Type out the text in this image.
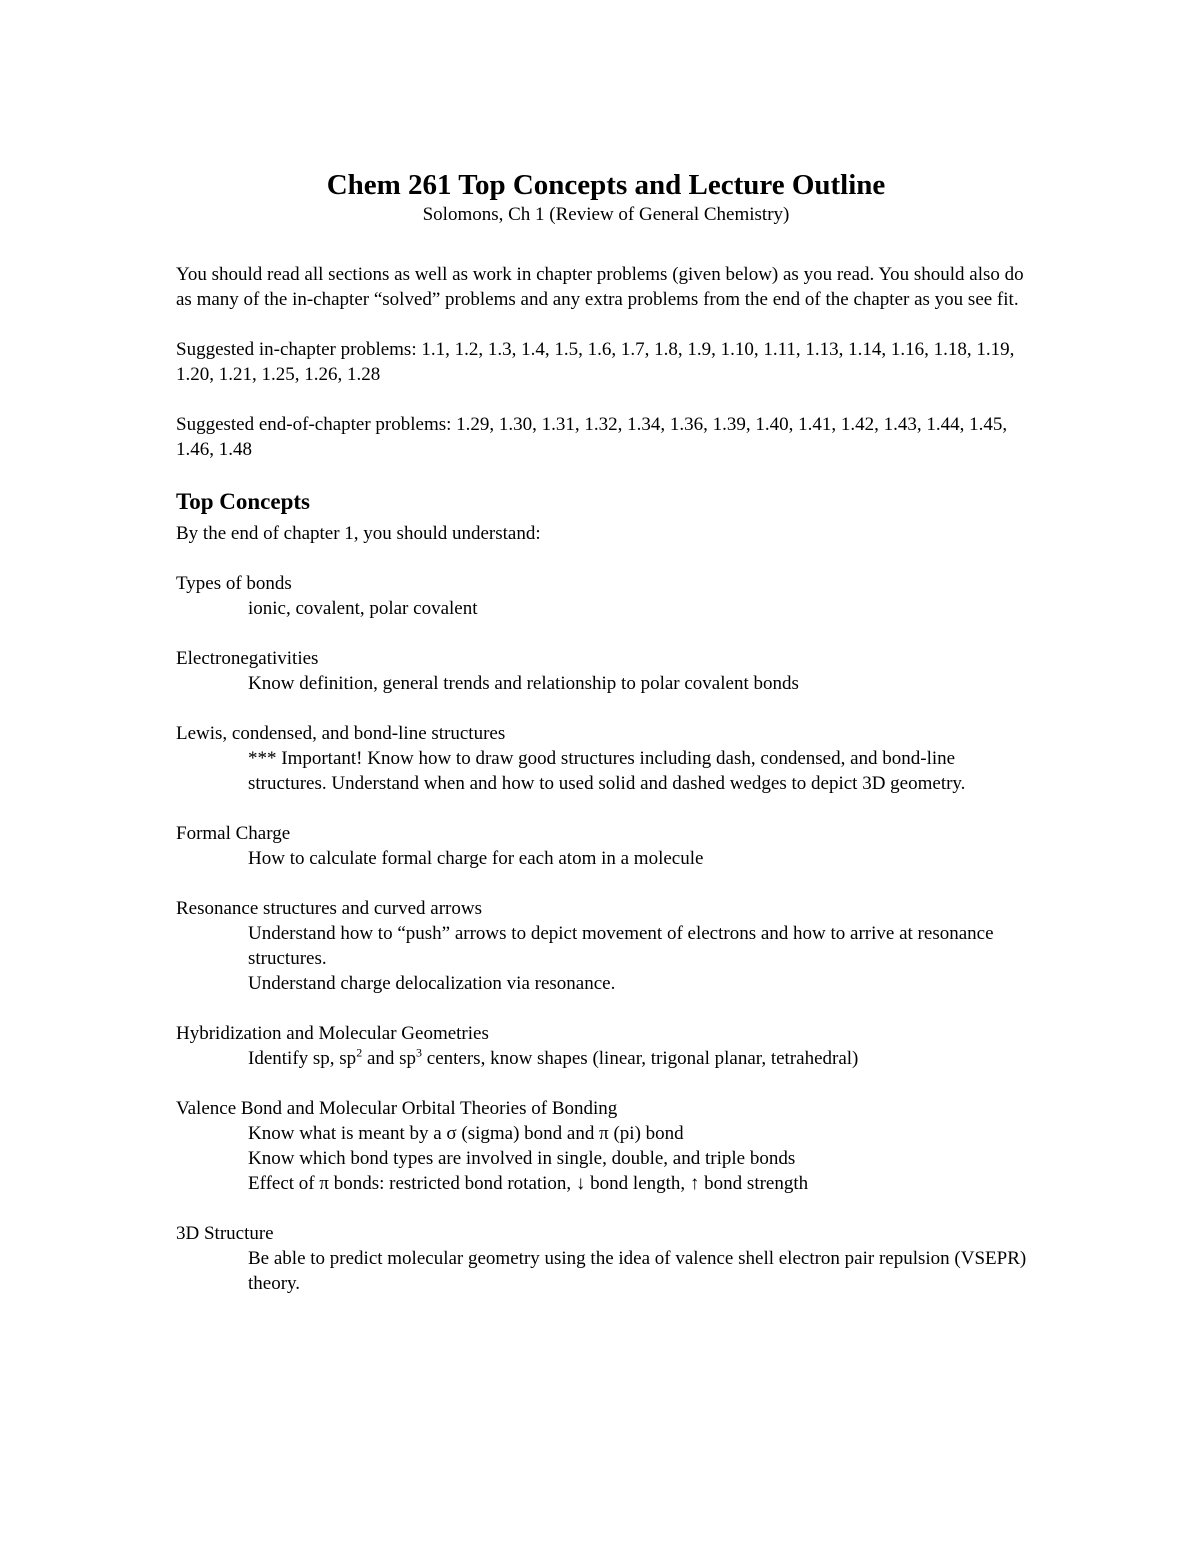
Chem 261 Top Concepts and Lecture Outline
Solomons, Ch 1 (Review of General Chemistry)

You should read all sections as well as work in chapter problems (given below) as you read. You should also do as many of the in-chapter “solved” problems and any extra problems from the end of the chapter as you see fit.

Suggested in-chapter problems: 1.1, 1.2, 1.3, 1.4, 1.5, 1.6, 1.7, 1.8, 1.9, 1.10, 1.11, 1.13, 1.14, 1.16, 1.18, 1.19, 1.20, 1.21, 1.25, 1.26, 1.28

Suggested end-of-chapter problems: 1.29, 1.30, 1.31, 1.32, 1.34, 1.36, 1.39, 1.40, 1.41, 1.42, 1.43, 1.44, 1.45, 1.46, 1.48

Top Concepts

By the end of chapter 1, you should understand:

Types of bonds
ionic, covalent, polar covalent
Electronegativities
Know definition, general trends and relationship to polar covalent bonds
Lewis, condensed, and bond-line structures
*** Important! Know how to draw good structures including dash, condensed, and bond-line structures. Understand when and how to used solid and dashed wedges to depict 3D geometry.
Formal Charge
How to calculate formal charge for each atom in a molecule
Resonance structures and curved arrows
Understand how to “push” arrows to depict movement of electrons and how to arrive at resonance structures.
Understand charge delocalization via resonance.
Hybridization and Molecular Geometries
Identify sp, $sp^2$ and $sp^3$ centers, know shapes (linear, trigonal planar, tetrahedral)
Valence Bond and Molecular Orbital Theories of Bonding
Know what is meant by a σ (sigma) bond and π (pi) bond
Know which bond types are involved in single, double, and triple bonds
Effect of π bonds: restricted bond rotation, ↓ bond length, ↑ bond strength
3D Structure
Be able to predict molecular geometry using the idea of valence shell electron pair repulsion (VSEPR) theory.
